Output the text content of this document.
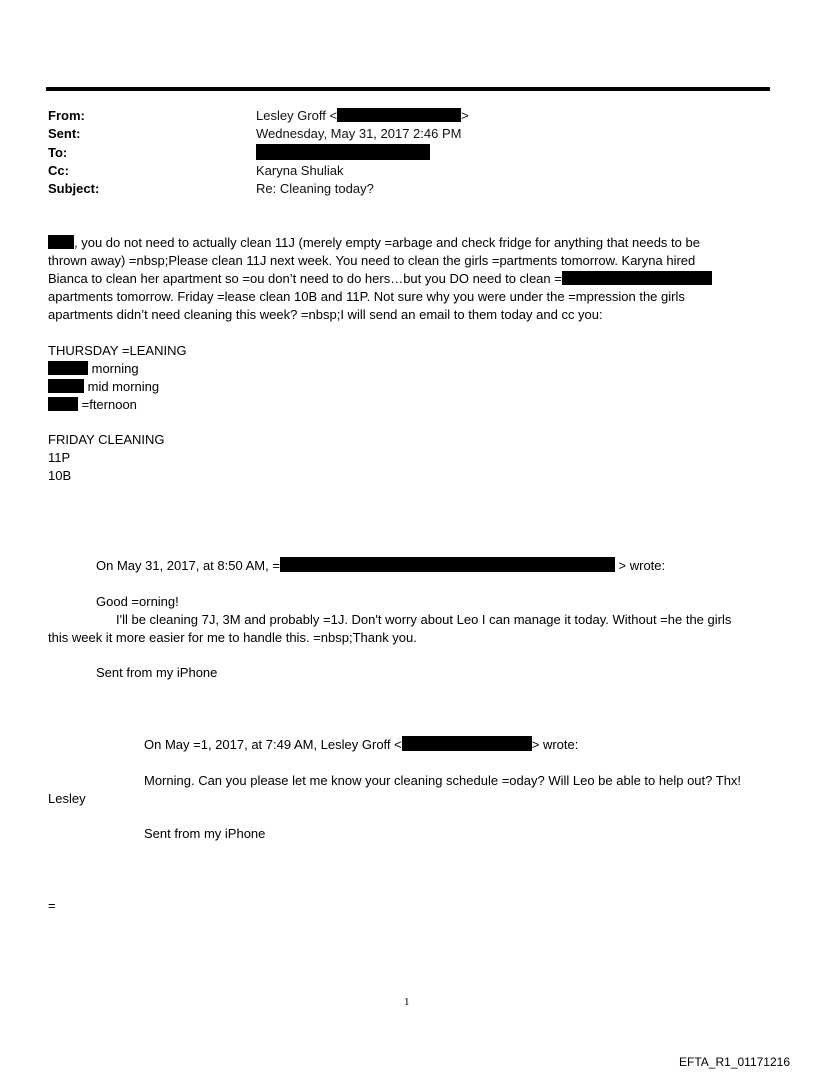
From:	Lesley Groff <	>
Sent:	Wednesday, May 31, 2017 2:46 PM
To:
Cc:	Karyna Shuliak
Subject:	Re: Cleaning today?
, you do not need to actually clean 11J (merely empty =arbage and check fridge for anything that needs to be
thrown away) =nbsp;Please clean 11J next week. You need to clean the girls =partments tomorrow. Karyna hired
Bianca to clean her apartment so =ou don’t need to do hers…but you DO need to clean =
apartments tomorrow. Friday =lease clean 10B and 11P. Not sure why you were under the =mpression the girls
apartments didn’t need cleaning this week? =nbsp;I will send an email to them today and cc you:
THURSDAY =LEANING
morning
mid morning
=fternoon
FRIDAY CLEANING
11P
10B
On May 31, 2017, at 8:50 AM, =	> wrote:
Good =orning!
I'll be cleaning 7J, 3M and probably =1J. Don't worry about Leo I can manage it today. Without =he the girls
this week it more easier for me to handle this. =nbsp;Thank you.
Sent from my iPhone
On May =1, 2017, at 7:49 AM, Lesley Groff <	> wrote:
Morning. Can you please let me know your cleaning schedule =oday? Will Leo be able to help out? Thx!
Lesley
Sent from my iPhone
=
1
EFTA_R1_01171216
